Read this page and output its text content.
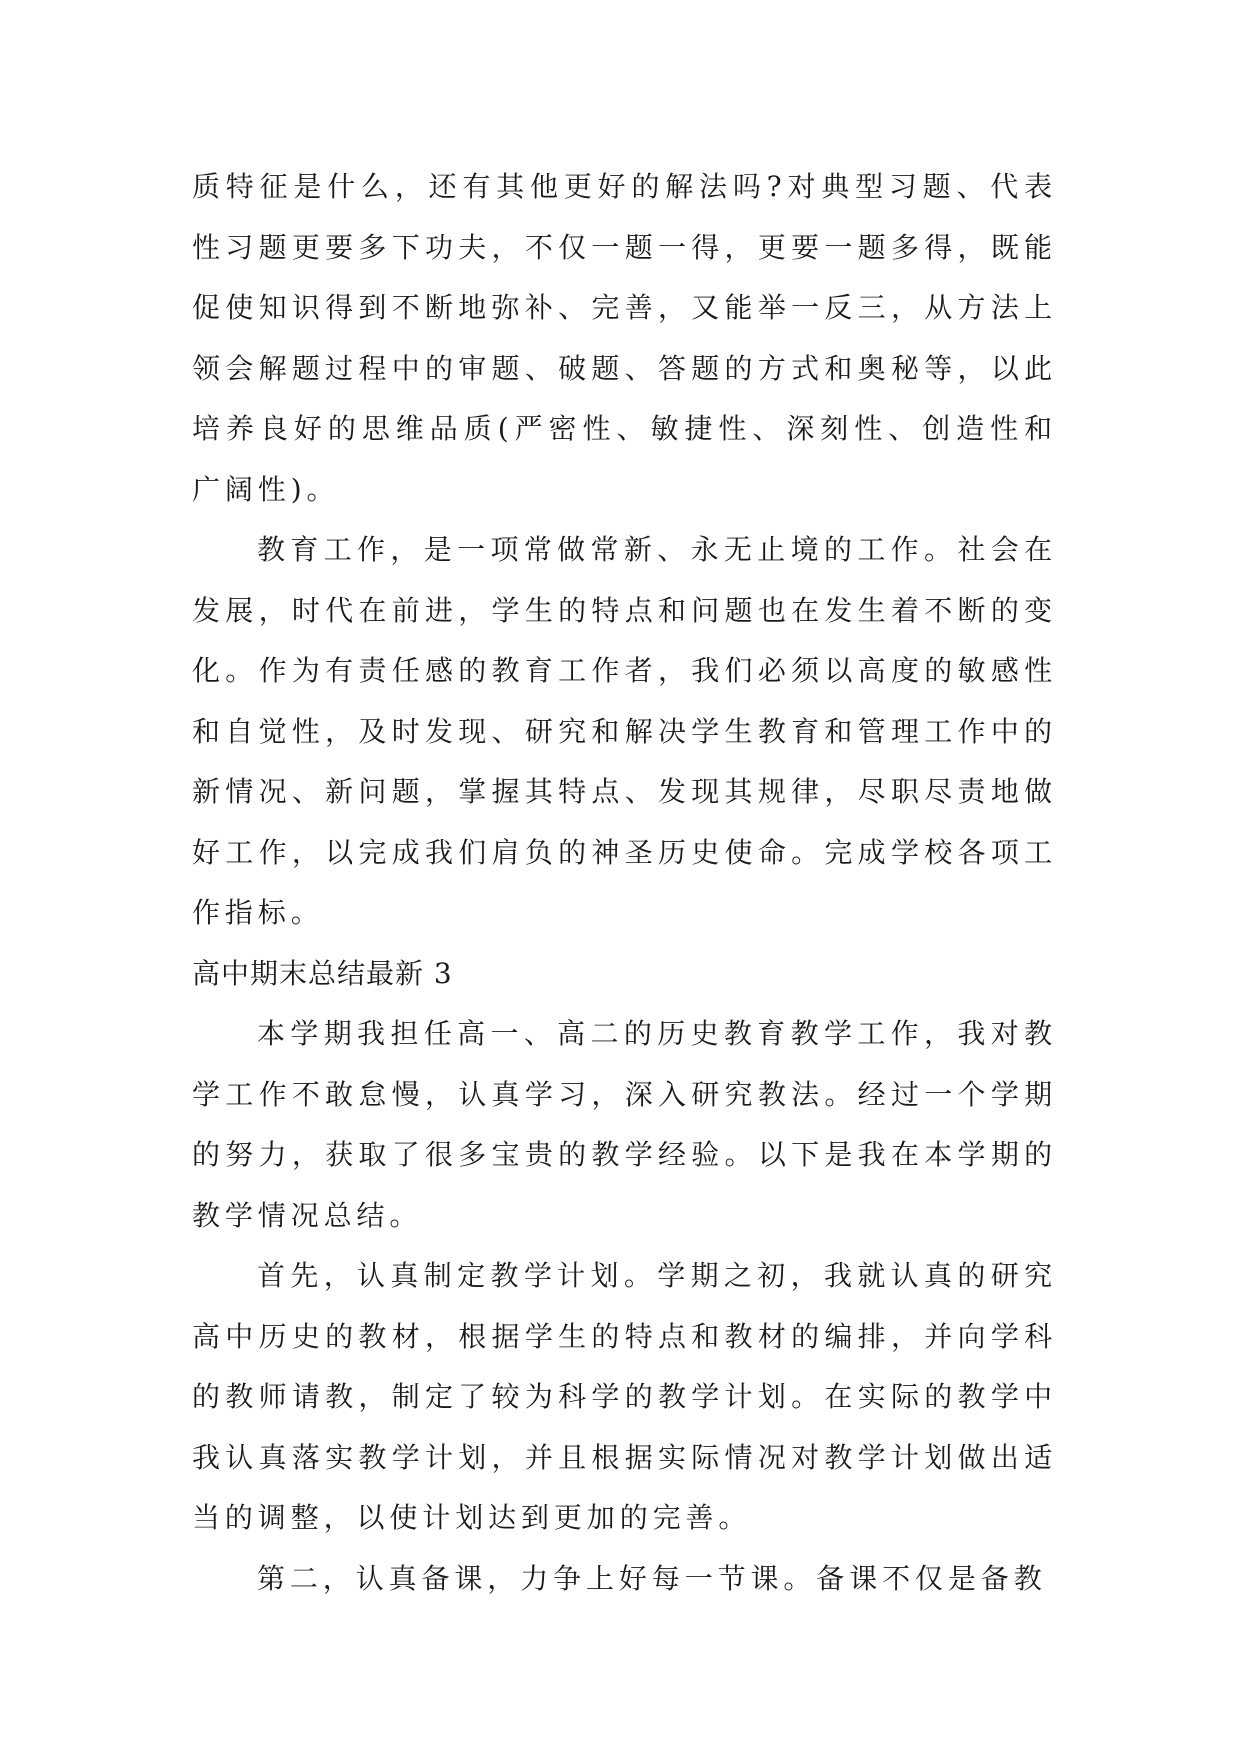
质特征是什么，还有其他更好的解法吗?对典型习题、代表性习题更要多下功夫，不仅一题一得，更要一题多得，既能促使知识得到不断地弥补、完善，又能举一反三，从方法上领会解题过程中的审题、破题、答题的方式和奥秘等，以此培养良好的思维品质(严密性、敏捷性、深刻性、创造性和广阔性)。

教育工作，是一项常做常新、永无止境的工作。社会在发展，时代在前进，学生的特点和问题也在发生着不断的变化。作为有责任感的教育工作者，我们必须以高度的敏感性和自觉性，及时发现、研究和解决学生教育和管理工作中的新情况、新问题，掌握其特点、发现其规律，尽职尽责地做好工作，以完成我们肩负的神圣历史使命。完成学校各项工作指标。

高中期末总结最新 3

本学期我担任高一、高二的历史教育教学工作，我对教学工作不敢怠慢，认真学习，深入研究教法。经过一个学期的努力，获取了很多宝贵的教学经验。以下是我在本学期的教学情况总结。

首先，认真制定教学计划。学期之初，我就认真的研究高中历史的教材，根据学生的特点和教材的编排，并向学科的教师请教，制定了较为科学的教学计划。在实际的教学中我认真落实教学计划，并且根据实际情况对教学计划做出适当的调整，以使计划达到更加的完善。

第二，认真备课，力争上好每一节课。备课不仅是备教
